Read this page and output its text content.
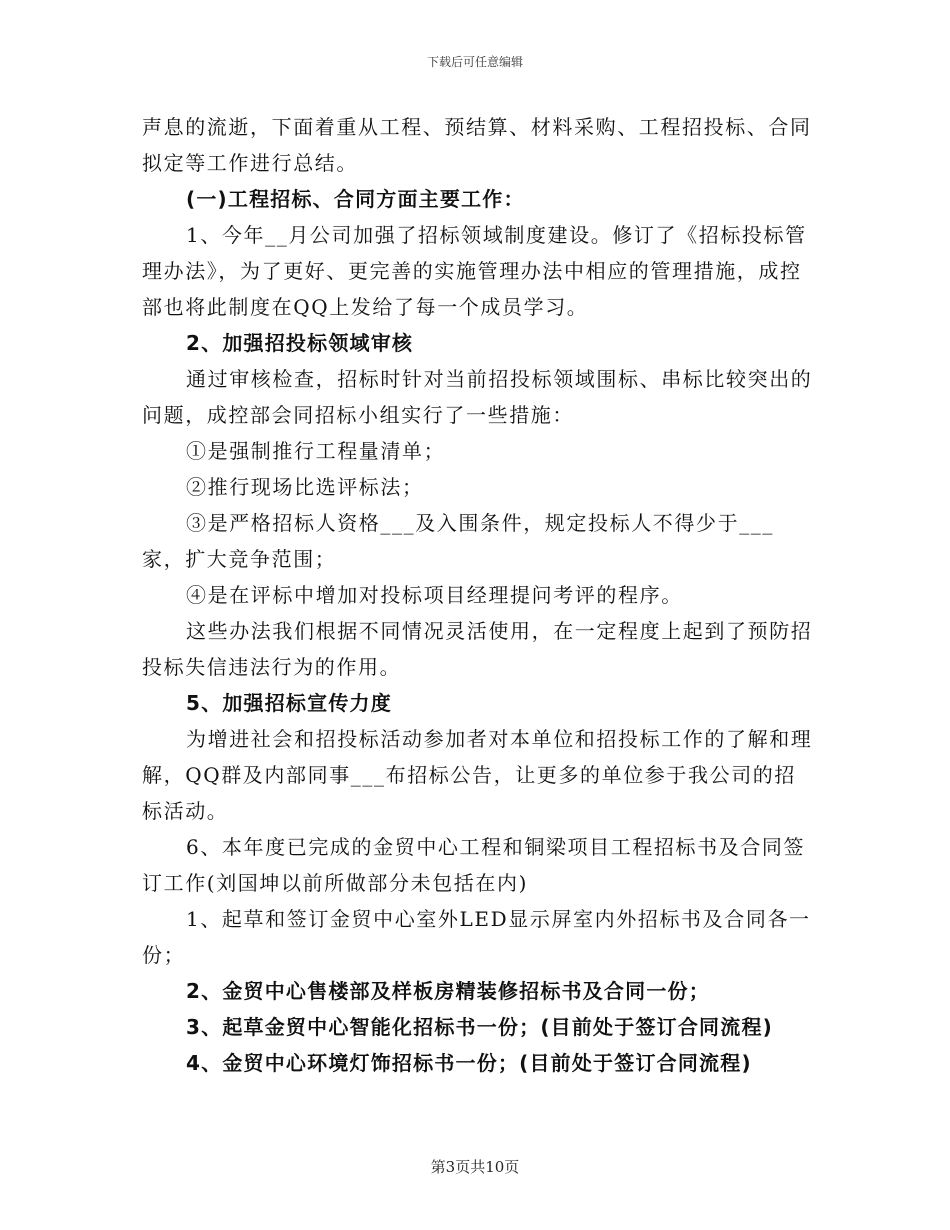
下载后可任意编辑

声息的流逝，下面着重从工程、预结算、材料采购、工程招投标、合同拟定等工作进行总结。

(一)工程招标、合同方面主要工作：

1、今年__月公司加强了招标领域制度建设。修订了《招标投标管理办法》，为了更好、更完善的实施管理办法中相应的管理措施，成控部也将此制度在QQ上发给了每一个成员学习。

2、加强招投标领域审核

通过审核检查，招标时针对当前招投标领域围标、串标比较突出的问题，成控部会同招标小组实行了一些措施：

①是强制推行工程量清单；

②推行现场比选评标法；

③是严格招标人资格___及入围条件，规定投标人不得少于___家，扩大竞争范围；

④是在评标中增加对投标项目经理提问考评的程序。

这些办法我们根据不同情况灵活使用，在一定程度上起到了预防招投标失信违法行为的作用。

5、加强招标宣传力度

为增进社会和招投标活动参加者对本单位和招投标工作的了解和理解，QQ群及内部同事___布招标公告，让更多的单位参于我公司的招标活动。

6、本年度已完成的金贸中心工程和铜梁项目工程招标书及合同签订工作(刘国坤以前所做部分未包括在内)

1、起草和签订金贸中心室外LED显示屏室内外招标书及合同各一份；

2、金贸中心售楼部及样板房精装修招标书及合同一份；

3、起草金贸中心智能化招标书一份；(目前处于签订合同流程)

4、金贸中心环境灯饰招标书一份；(目前处于签订合同流程)

第3页共10页
